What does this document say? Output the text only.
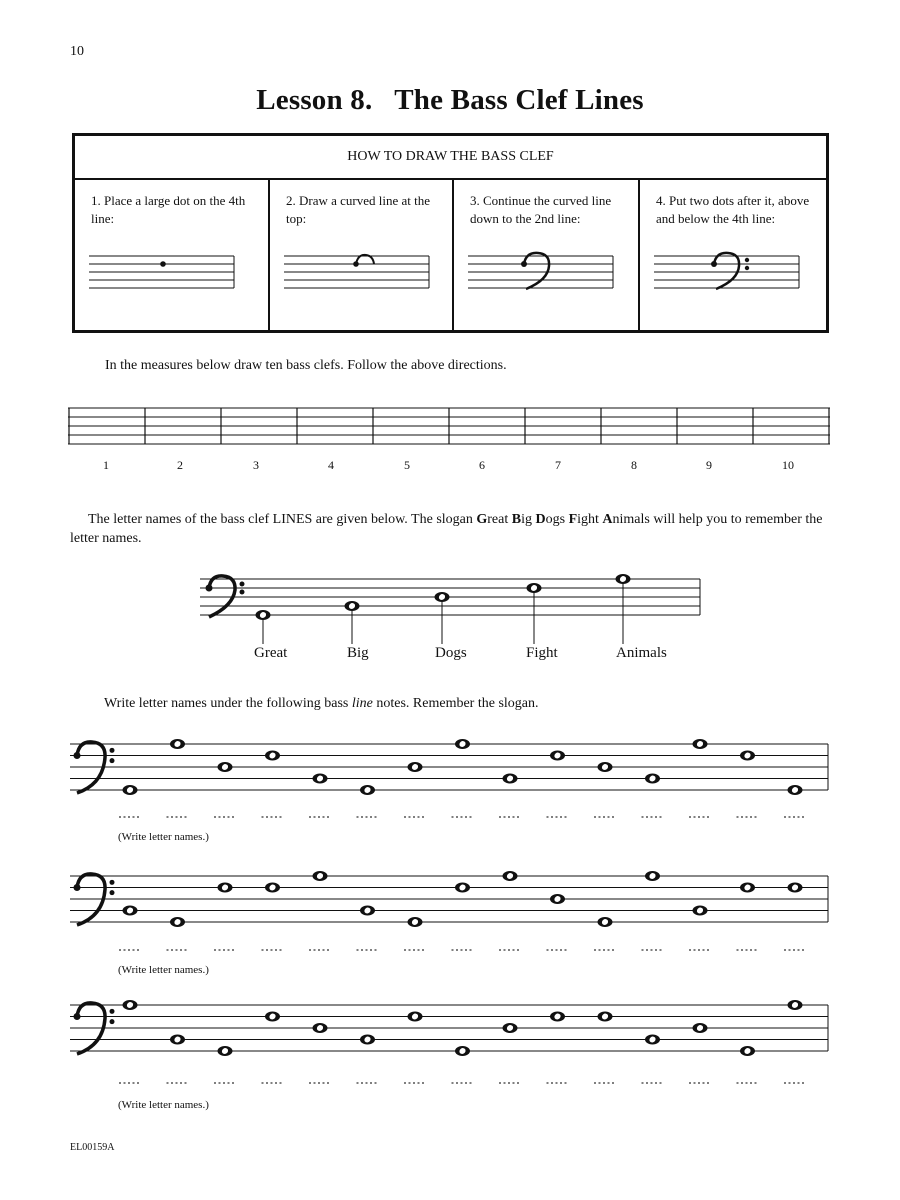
10
Lesson 8.   The Bass Clef Lines
HOW TO DRAW THE BASS CLEF
1. Place a large dot on the 4th line:
2. Draw a curved line at the top:
3. Continue the curved line down to the 2nd line:
4. Put two dots after it, above and below the 4th line:
In the measures below draw ten bass clefs. Follow the above directions.
1	2	3	4	5	6	7	8	9	10
The letter names of the bass clef LINES are given below. The slogan Great Big Dogs Fight Animals will help you to remember the letter names.
Great	Big	Dogs	Fight	Animals
Write letter names under the following bass line notes. Remember the slogan.
(Write letter names.)
(Write letter names.)
(Write letter names.)
EL00159A
